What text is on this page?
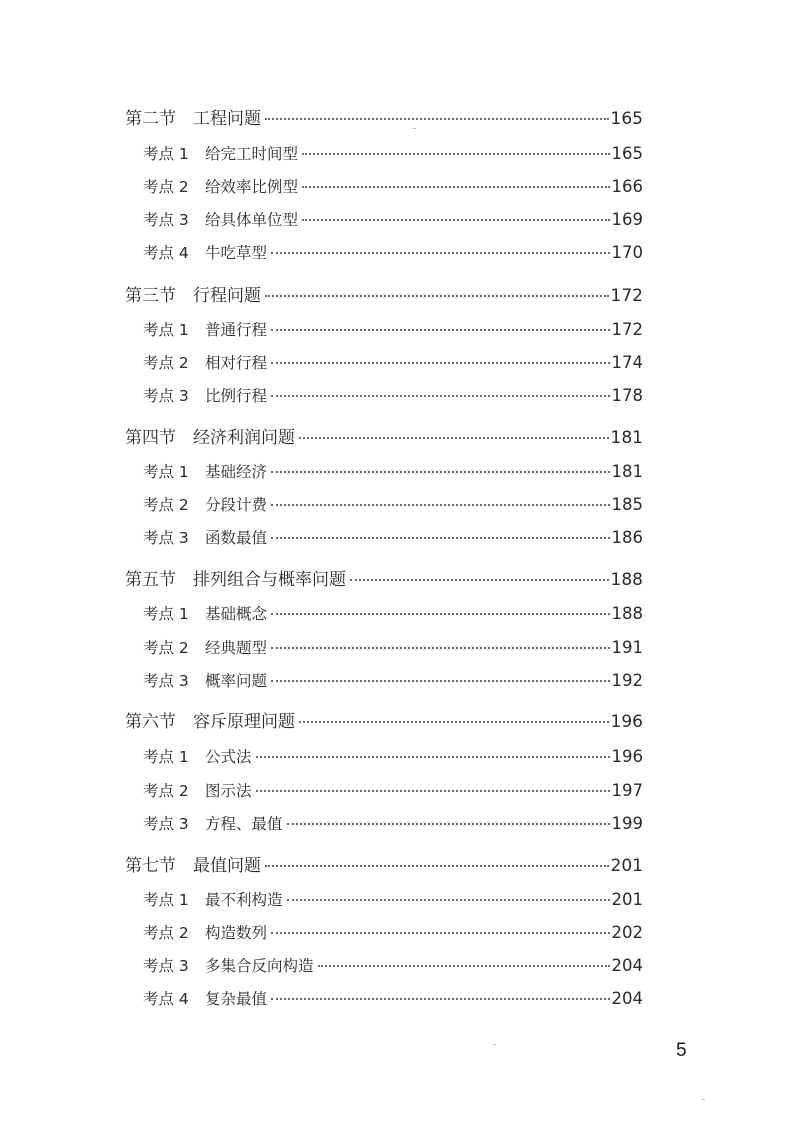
第二节	工程问题	165
考点 1	给完工时间型	165
考点 2	给效率比例型	166
考点 3	给具体单位型	169
考点 4	牛吃草型	170
第三节	行程问题	172
考点 1	普通行程	172
考点 2	相对行程	174
考点 3	比例行程	178
第四节	经济利润问题	181
考点 1	基础经济	181
考点 2	分段计费	185
考点 3	函数最值	186
第五节	排列组合与概率问题	188
考点 1	基础概念	188
考点 2	经典题型	191
考点 3	概率问题	192
第六节	容斥原理问题	196
考点 1	公式法	196
考点 2	图示法	197
考点 3	方程、最值	199
第七节	最值问题	201
考点 1	最不利构造	201
考点 2	构造数列	202
考点 3	多集合反向构造	204
考点 4	复杂最值	204
5
